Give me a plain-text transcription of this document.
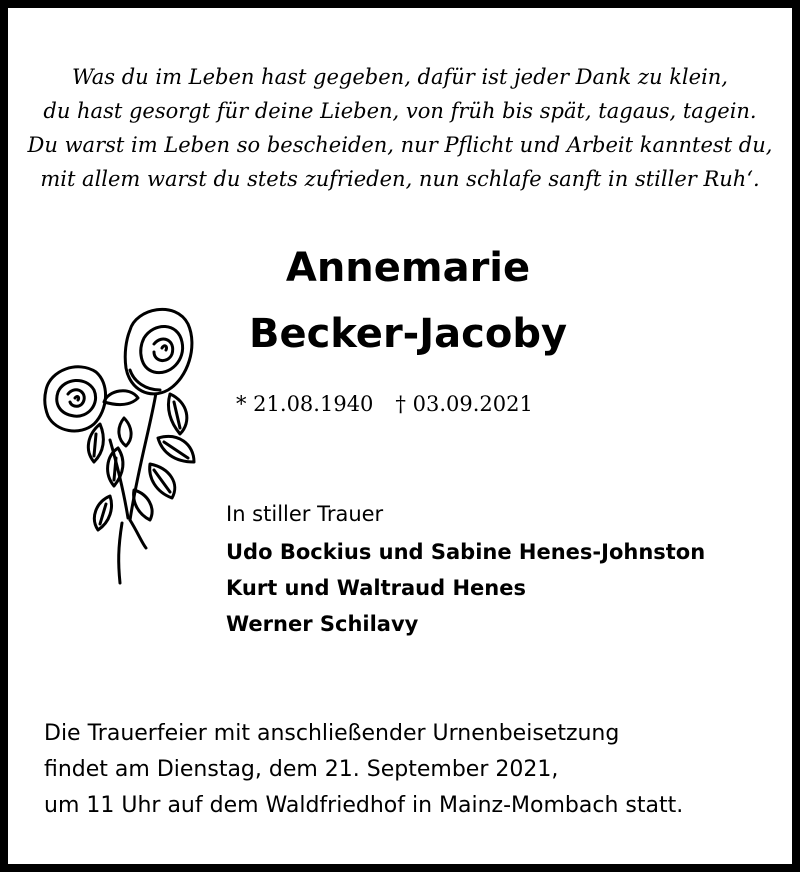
Was du im Leben hast gegeben, dafür ist jeder Dank zu klein,
du hast gesorgt für deine Lieben, von früh bis spät, tagaus, tagein.
Du warst im Leben so bescheiden, nur Pflicht und Arbeit kanntest du,
mit allem warst du stets zufrieden, nun schlafe sanft in stiller Ruh‘.
Annemarie
Becker-Jacoby
* 21.08.1940 † 03.09.2021
In stiller Trauer
Udo Bockius und Sabine Henes-Johnston
Kurt und Waltraud Henes
Werner Schilavy
Die Trauerfeier mit anschließender Urnenbeisetzung
findet am Dienstag, dem 21. September 2021,
um 11 Uhr auf dem Waldfriedhof in Mainz-Mombach statt.
